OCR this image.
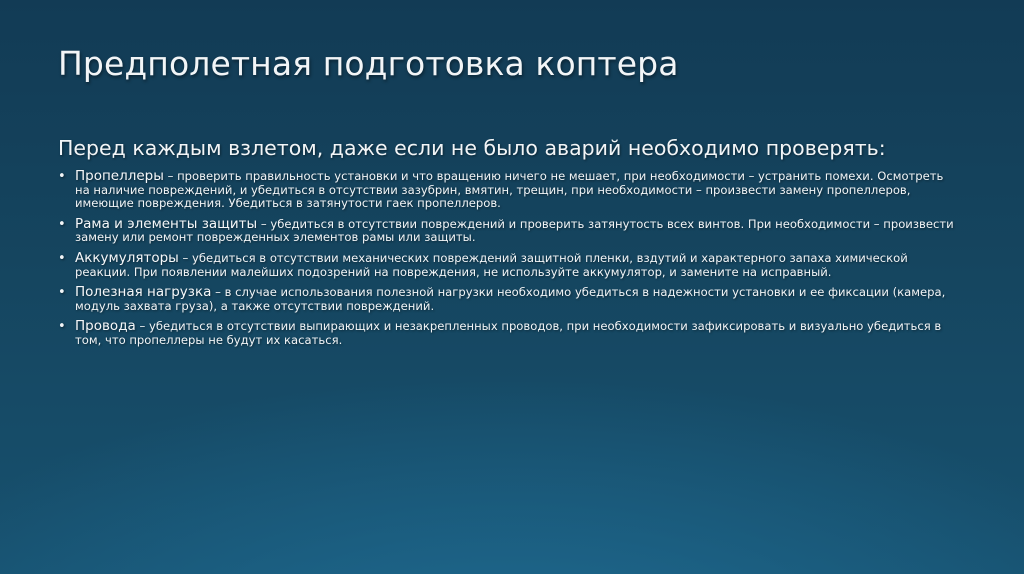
Предполетная подготовка коптера
Перед каждым взлетом, даже если не было аварий необходимо проверять:
• Пропеллеры – проверить правильность установки и что вращению ничего не мешает, при необходимости – устранить помехи. Осмотреть на наличие повреждений, и убедиться в отсутствии зазубрин, вмятин, трещин, при необходимости – произвести замену пропеллеров, имеющие повреждения. Убедиться в затянутости гаек пропеллеров.
• Рама и элементы защиты – убедиться в отсутствии повреждений и проверить затянутость всех винтов. При необходимости – произвести замену или ремонт поврежденных элементов рамы или защиты.
• Аккумуляторы – убедиться в отсутствии механических повреждений защитной пленки, вздутий и характерного запаха химической реакции. При появлении малейших подозрений на повреждения, не используйте аккумулятор, и замените на исправный.
• Полезная нагрузка – в случае использования полезной нагрузки необходимо убедиться в надежности установки и ее фиксации (камера, модуль захвата груза), а также отсутствии повреждений.
• Провода – убедиться в отсутствии выпирающих и незакрепленных проводов, при необходимости зафиксировать и визуально убедиться в том, что пропеллеры не будут их касаться.
